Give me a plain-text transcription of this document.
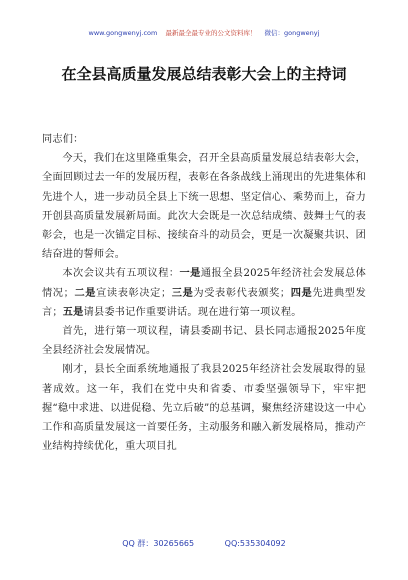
www.gongwenyj.com 最新最全最专业的公文资料库！ 微信：gongwenyj
在全县高质量发展总结表彰大会上的主持词

同志们：

今天，我们在这里隆重集会，召开全县高质量发展总结表彰大会，全面回顾过去一年的发展历程，表彰在各条战线上涌现出的先进集体和先进个人，进一步动员全县上下统一思想、坚定信心、乘势而上，奋力开创县高质量发展新局面。此次大会既是一次总结成绩、鼓舞士气的表彰会，也是一次锚定目标、接续奋斗的动员会，更是一次凝聚共识、团结奋进的誓师会。

本次会议共有五项议程：一是通报全县2025年经济社会发展总体情况；二是宣读表彰决定；三是为受表彰代表颁奖；四是先进典型发言；五是请县委书记作重要讲话。现在进行第一项议程。

首先，进行第一项议程，请县委副书记、县长同志通报2025年度全县经济社会发展情况。

刚才，县长全面系统地通报了我县2025年经济社会发展取得的显著成效。这一年，我们在党中央和省委、市委坚强领导下，牢牢把握“稳中求进、以进促稳、先立后破”的总基调，聚焦经济建设这一中心工作和高质量发展这一首要任务，主动服务和融入新发展格局，推动产业结构持续优化，重大项目扎

QQ 群：30265665	QQ:535304092
